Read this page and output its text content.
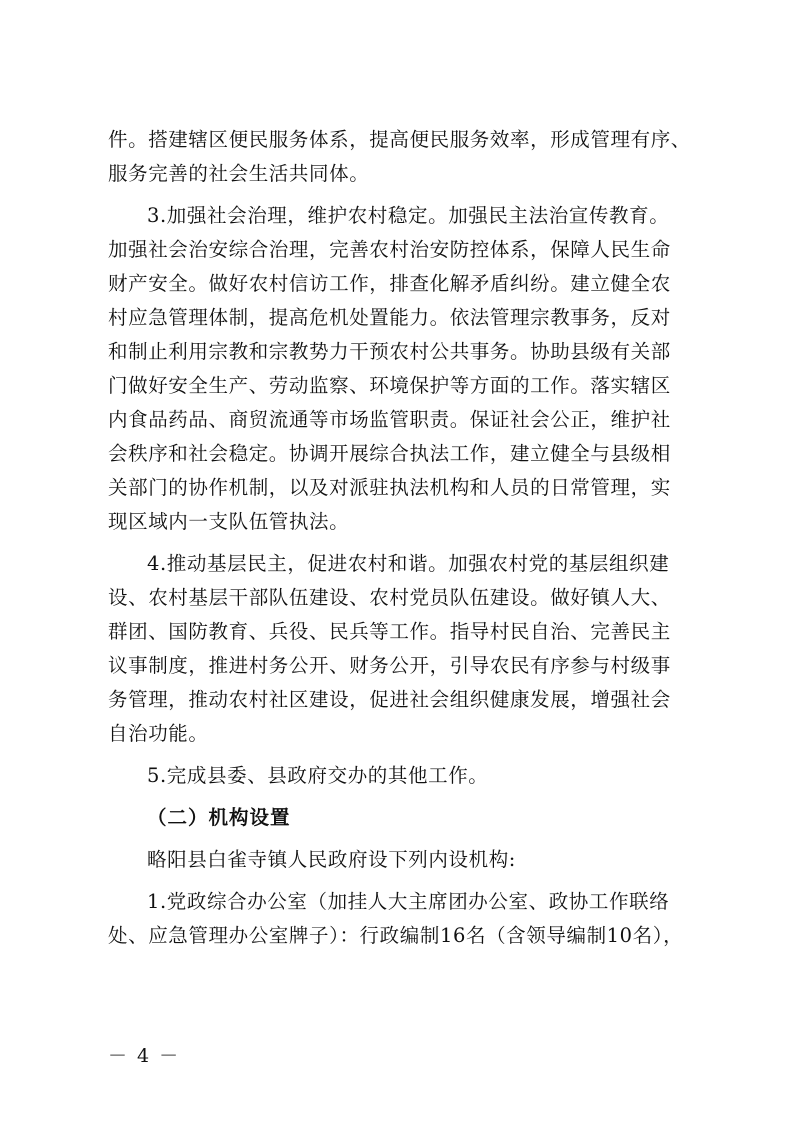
件。搭建辖区便民服务体系，提高便民服务效率，形成管理有序、
服务完善的社会生活共同体。
3.加强社会治理，维护农村稳定。加强民主法治宣传教育。
加强社会治安综合治理，完善农村治安防控体系，保障人民生命
财产安全。做好农村信访工作，排查化解矛盾纠纷。建立健全农
村应急管理体制，提高危机处置能力。依法管理宗教事务，反对
和制止利用宗教和宗教势力干预农村公共事务。协助县级有关部
门做好安全生产、劳动监察、环境保护等方面的工作。落实辖区
内食品药品、商贸流通等市场监管职责。保证社会公正，维护社
会秩序和社会稳定。协调开展综合执法工作，建立健全与县级相
关部门的协作机制，以及对派驻执法机构和人员的日常管理，实
现区域内一支队伍管执法。
4.推动基层民主，促进农村和谐。加强农村党的基层组织建
设、农村基层干部队伍建设、农村党员队伍建设。做好镇人大、
群团、国防教育、兵役、民兵等工作。指导村民自治、完善民主
议事制度，推进村务公开、财务公开，引导农民有序参与村级事
务管理，推动农村社区建设，促进社会组织健康发展，增强社会
自治功能。
5.完成县委、县政府交办的其他工作。
（二）机构设置
略阳县白雀寺镇人民政府设下列内设机构:
1.党政综合办公室（加挂人大主席团办公室、政协工作联络
处、应急管理办公室牌子）：行政编制16名（含领导编制10名），
－ 4 －
